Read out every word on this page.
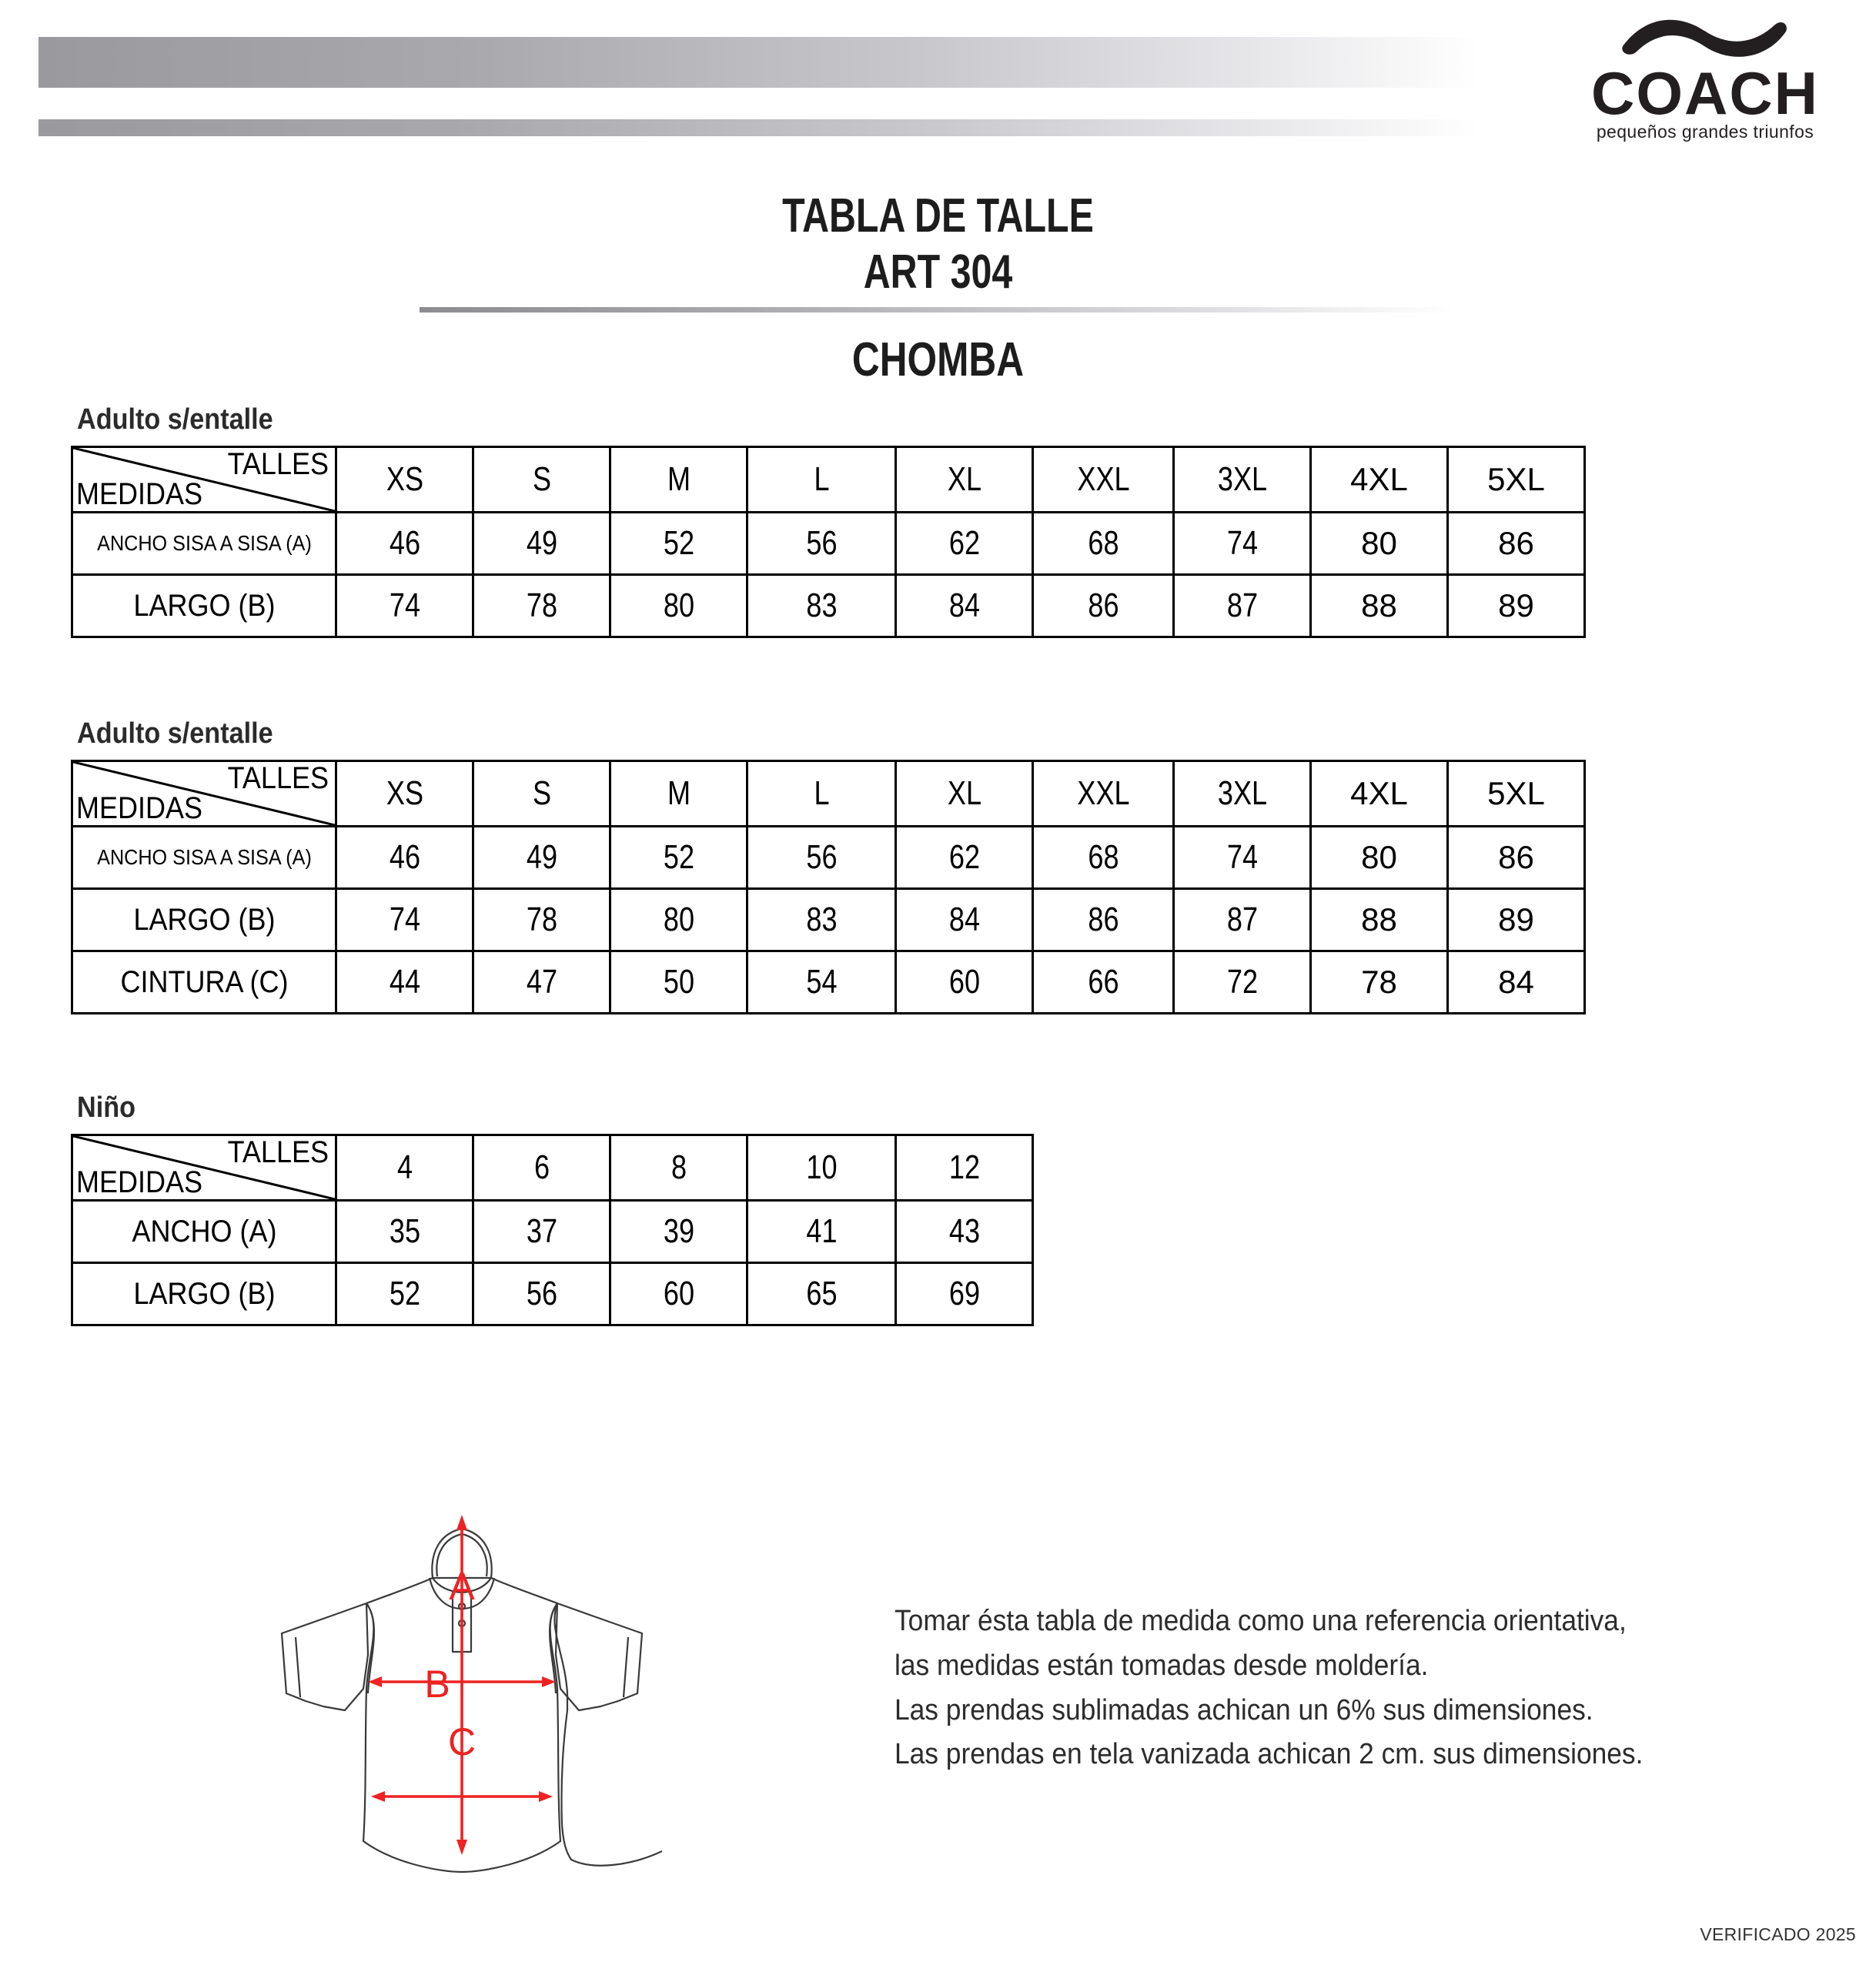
COACH
pequeños grandes triunfos
TABLA DE TALLE
ART 304
CHOMBA
Adulto s/entalle
TALLES
MEDIDAS	XS	S	M	L	XL	XXL	3XL	4XL	5XL
ANCHO SISA A SISA (A)	46	49	52	56	62	68	74	80	86
LARGO (B)	74	78	80	83	84	86	87	88	89
Adulto s/entalle
TALLES
MEDIDAS	XS	S	M	L	XL	XXL	3XL	4XL	5XL
ANCHO SISA A SISA (A)	46	49	52	56	62	68	74	80	86
LARGO (B)	74	78	80	83	84	86	87	88	89
CINTURA (C)	44	47	50	54	60	66	72	78	84
Niño
TALLES
MEDIDAS	4	6	8	10	12
ANCHO (A)	35	37	39	41	43
LARGO (B)	52	56	60	65	69
A
B
C
Tomar ésta tabla de medida como una referencia orientativa,
las medidas están tomadas desde moldería.
Las prendas sublimadas achican un 6% sus dimensiones.
Las prendas en tela vanizada achican 2 cm. sus dimensiones.
VERIFICADO 2025
